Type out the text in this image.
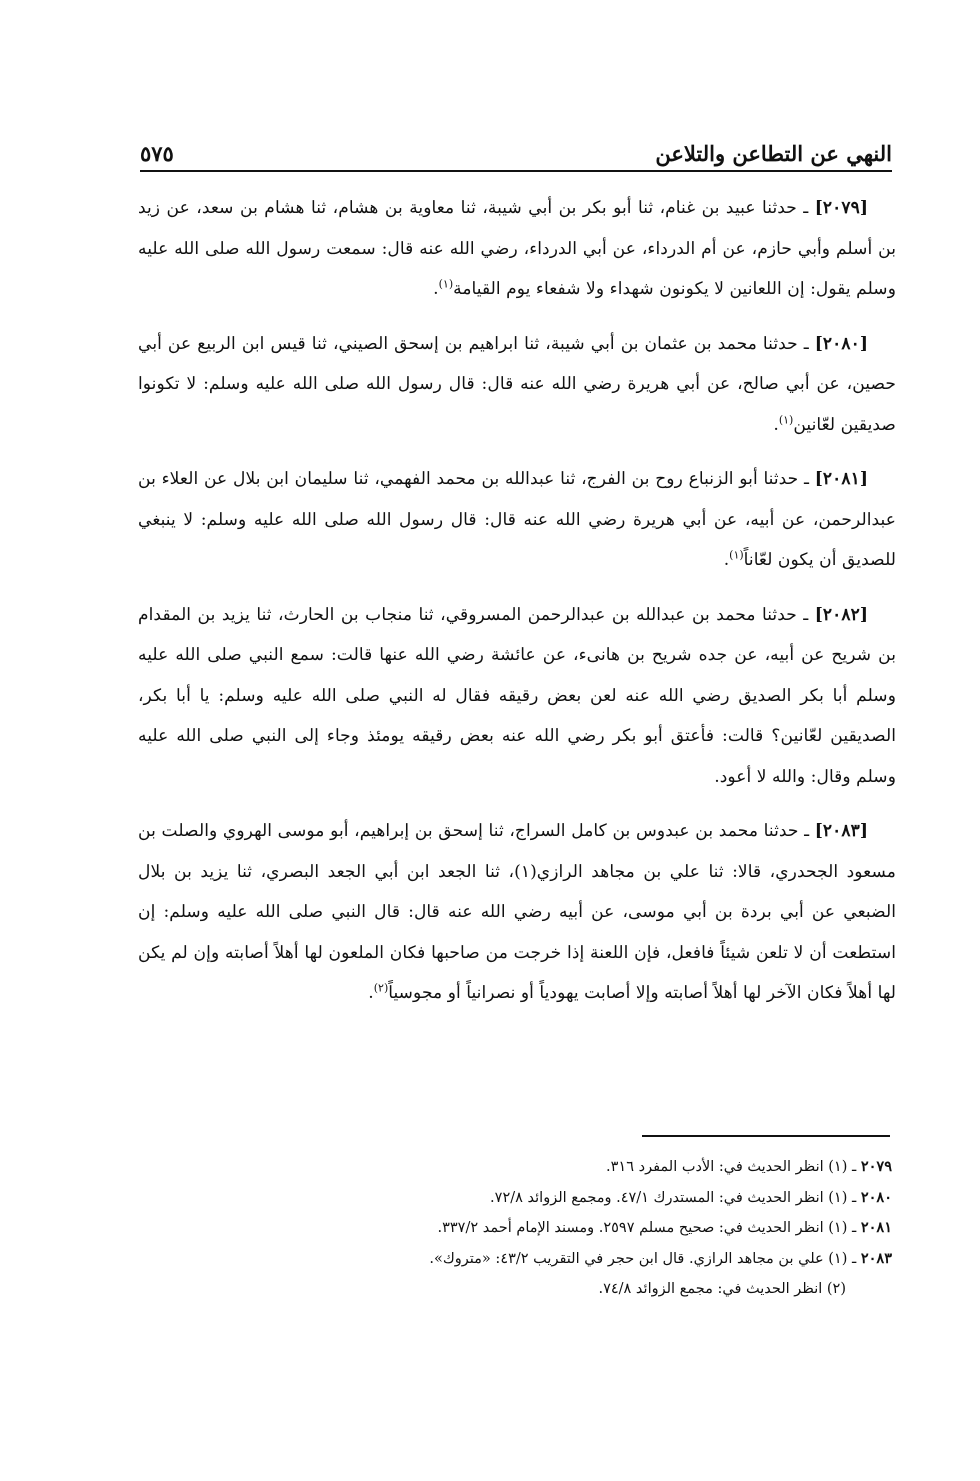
النهي عن التطاعن والتلاعن
٥٧٥

[٢٠٧٩] ـ حدثنا عبيد بن غنام، ثنا أبو بكر بن أبي شيبة، ثنا معاوية بن هشام، ثنا هشام بن سعد، عن زيد بن أسلم وأبي حازم، عن أم الدرداء، عن أبي الدرداء، رضي الله عنه قال: سمعت رسول الله صلى الله عليه وسلم يقول: إن اللعانين لا يكونون شهداء ولا شفعاء يوم القيامة$^{(١)}$.

[٢٠٨٠] ـ حدثنا محمد بن عثمان بن أبي شيبة، ثنا ابراهيم بن إسحق الصيني، ثنا قيس ابن الربيع عن أبي حصين، عن أبي صالح، عن أبي هريرة رضي الله عنه قال: قال رسول الله صلى الله عليه وسلم: لا تكونوا صديقين لعّانين$^{(١)}$.

[٢٠٨١] ـ حدثنا أبو الزنباع روح بن الفرج، ثنا عبدالله بن محمد الفهمي، ثنا سليمان ابن بلال عن العلاء بن عبدالرحمن، عن أبيه، عن أبي هريرة رضي الله عنه قال: قال رسول الله صلى الله عليه وسلم: لا ينبغي للصديق أن يكون لعّاناً$^{(١)}$.

[٢٠٨٢] ـ حدثنا محمد بن عبدالله بن عبدالرحمن المسروقي، ثنا منجاب بن الحارث، ثنا يزيد بن المقدام بن شريح عن أبيه، عن جده شريح بن هانىء، عن عائشة رضي الله عنها قالت: سمع النبي صلى الله عليه وسلم أبا بكر الصديق رضي الله عنه لعن بعض رقيقه فقال له النبي صلى الله عليه وسلم: يا أبا بكر، الصديقين لعّانين؟ قالت: فأعتق أبو بكر رضي الله عنه بعض رقيقه يومئذ وجاء إلى النبي صلى الله عليه وسلم وقال: والله لا أعود.

[٢٠٨٣] ـ حدثنا محمد بن عبدوس بن كامل السراج، ثنا إسحق بن إبراهيم، أبو موسى الهروي والصلت بن مسعود الجحدري، قالا: ثنا علي بن مجاهد الرازي(١)، ثنا الجعد ابن أبي الجعد البصري، ثنا يزيد بن بلال الضبعي عن أبي بردة بن أبي موسى، عن أبيه رضي الله عنه قال: قال النبي صلى الله عليه وسلم: إن استطعت أن لا تلعن شيئاً فافعل، فإن اللعنة إذا خرجت من صاحبها فكان الملعون لها أهلاً أصابته وإن لم يكن لها أهلاً فكان الآخر لها أهلاً أصابته وإلا أصابت يهودياً أو نصرانياً أو مجوسياً$^{(٢)}$.

٢٠٧٩ ـ (١) انظر الحديث في: الأدب المفرد ٣١٦.

٢٠٨٠ ـ (١) انظر الحديث في: المستدرك ٤٧/١. ومجمع الزوائد ٧٢/٨.

٢٠٨١ ـ (١) انظر الحديث في: صحيح مسلم ٢٥٩٧. ومسند الإمام أحمد ٣٣٧/٢.

٢٠٨٣ ـ (١) علي بن مجاهد الرازي. قال ابن حجر في التقريب ٤٣/٢: «متروك».

(٢) انظر الحديث في: مجمع الزوائد ٧٤/٨.
